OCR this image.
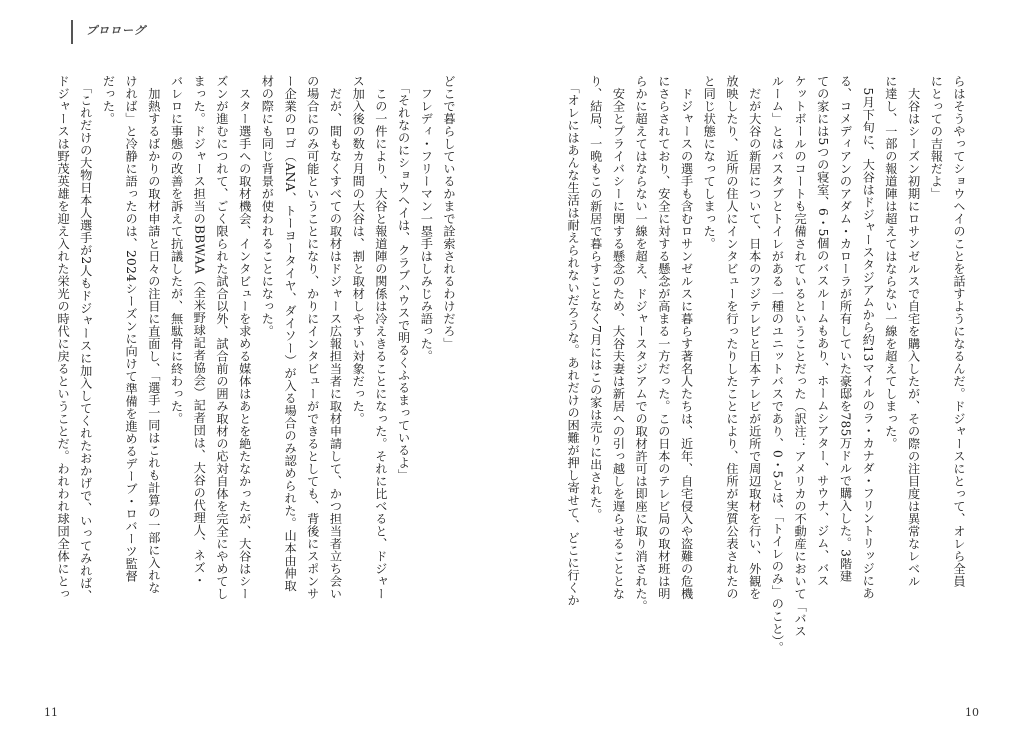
プロローグ

らはそうやってショウヘイのことを話すようになるんだ。ドジャースにとって、オレら全員

にとっての吉報だよ」

　大谷はシーズン初期にロサンゼルスで自宅を購入したが、その際の注目度は異常なレベル

に達し、一部の報道陣は超えてはならない一線を超えてしまった。

　5月下旬に、大谷はドジャースタジアムから約13マイルのラ・カナダ・フリントリッジにあ

る、コメディアンのアダム・カローラが所有していた豪邸を785万ドルで購入した。3階建

ての家には5つの寝室、6・5個のバスルームもあり、ホームシアター、サウナ、ジム、バス

ケットボールのコートも完備されているということだった（訳注：アメリカの不動産において「バス

ルーム」とはバスタブとトイレがある一種のユニットバスであり、0・5とは、「トイレのみ」のこと）。

　だが大谷の新居について、日本のフジテレビと日本テレビが近所で周辺取材を行い、外観を

放映したり、近所の住人にインタビューを行ったりしたことにより、住所が実質公表されたの

と同じ状態になってしまった。

　ドジャースの選手も含むロサンゼルスに暮らす著名人たちは、近年、自宅侵入や盗難の危機

にさらされており、安全に対する懸念が高まる一方だった。この日本のテレビ局の取材班は明

らかに超えてはならない一線を超え、ドジャースタジアムでの取材許可は即座に取り消された。

　安全とプライバシーに関する懸念のため、大谷夫妻は新居への引っ越しを遅らせることとな

り、結局、一晩もこの新居で暮らすことなく7月にはこの家は売りに出された。

　「オレにはあんな生活は耐えられないだろうな。あれだけの困難が押し寄せて、どこに行くか

どこで暮らしているかまで詮索されるわけだろ」

　フレディ・フリーマン一塁手はしみじみ語った。

　「それなのにショウヘイは、クラブハウスで明るくふるまっているよ」

　この一件により、大谷と報道陣の関係は冷えきることになった。それに比べると、ドジャー

ス加入後の数カ月間の大谷は、割と取材しやすい対象だった。

　だが、間もなくすべての取材はドジャース広報担当者に取材申請して、かつ担当者立ち会い

の場合にのみ可能ということになり、かりにインタビューができるとしても、背後にスポンサ

ー企業のロゴ（ANA、トーヨータイヤ、ダイソー）が入る場合のみ認められた。山本由伸取

材の際にも同じ背景が使われることになった。

　スター選手への取材機会、インタビューを求める媒体はあとを絶たなかったが、大谷はシー

ズンが進むにつれて、ごく限られた試合以外、試合前の囲み取材の応対自体を完全にやめてし

まった。ドジャース担当のBBWAA（全米野球記者協会）記者団は、大谷の代理人、ネズ・

バレロに事態の改善を訴えて抗議したが、無駄骨に終わった。

　加熱するばかりの取材申請と日々の注目に直面し、「選手一同はこれも計算の一部に入れな

ければ」と冷静に語ったのは、2024シーズンに向けて準備を進めるデーブ・ロバーツ監督

だった。

　「これだけの大物日本人選手が2人もドジャースに加入してくれたおかげで、いってみれば、

ドジャースは野茂英雄を迎え入れた栄光の時代に戻るということだ。われわれ球団全体にとっ

11	10
